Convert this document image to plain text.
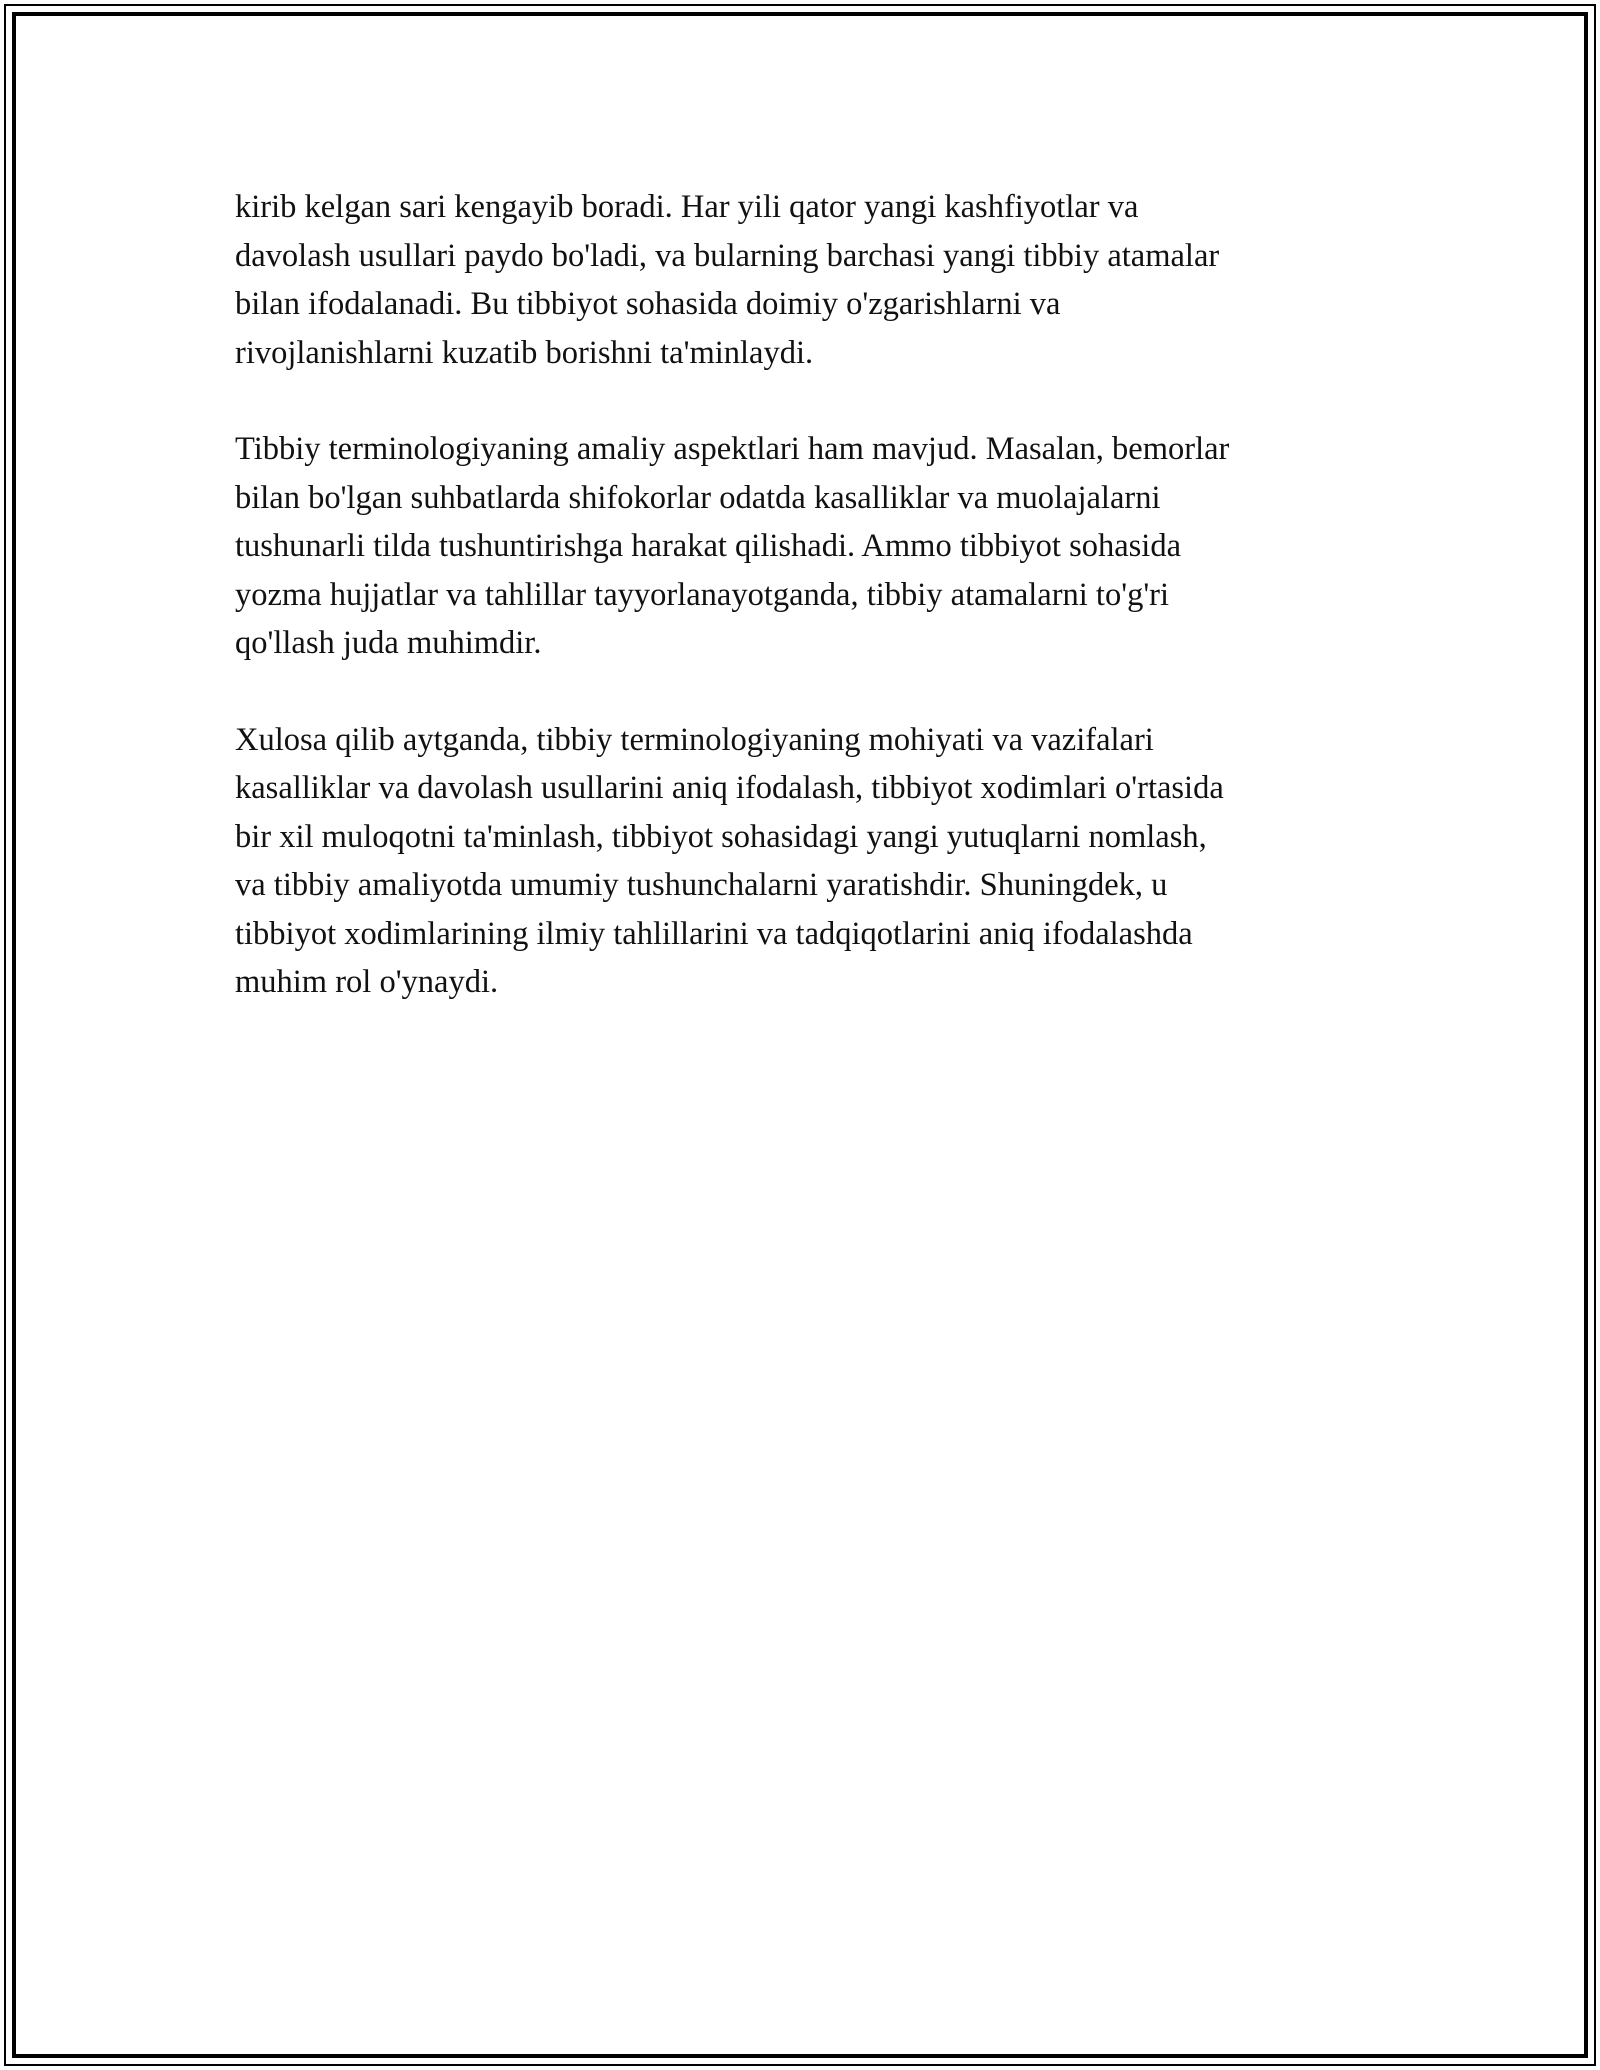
kirib kelgan sari kengayib boradi. Har yili qator yangi kashfiyotlar va
davolash usullari paydo bo'ladi, va bularning barchasi yangi tibbiy atamalar
bilan ifodalanadi. Bu tibbiyot sohasida doimiy o'zgarishlarni va
rivojlanishlarni kuzatib borishni ta'minlaydi.

Tibbiy terminologiyaning amaliy aspektlari ham mavjud. Masalan, bemorlar
bilan bo'lgan suhbatlarda shifokorlar odatda kasalliklar va muolajalarni
tushunarli tilda tushuntirishga harakat qilishadi. Ammo tibbiyot sohasida
yozma hujjatlar va tahlillar tayyorlanayotganda, tibbiy atamalarni to'g'ri
qo'llash juda muhimdir.

Xulosa qilib aytganda, tibbiy terminologiyaning mohiyati va vazifalari
kasalliklar va davolash usullarini aniq ifodalash, tibbiyot xodimlari o'rtasida
bir xil muloqotni ta'minlash, tibbiyot sohasidagi yangi yutuqlarni nomlash,
va tibbiy amaliyotda umumiy tushunchalarni yaratishdir. Shuningdek, u
tibbiyot xodimlarining ilmiy tahlillarini va tadqiqotlarini aniq ifodalashda
muhim rol o'ynaydi.
